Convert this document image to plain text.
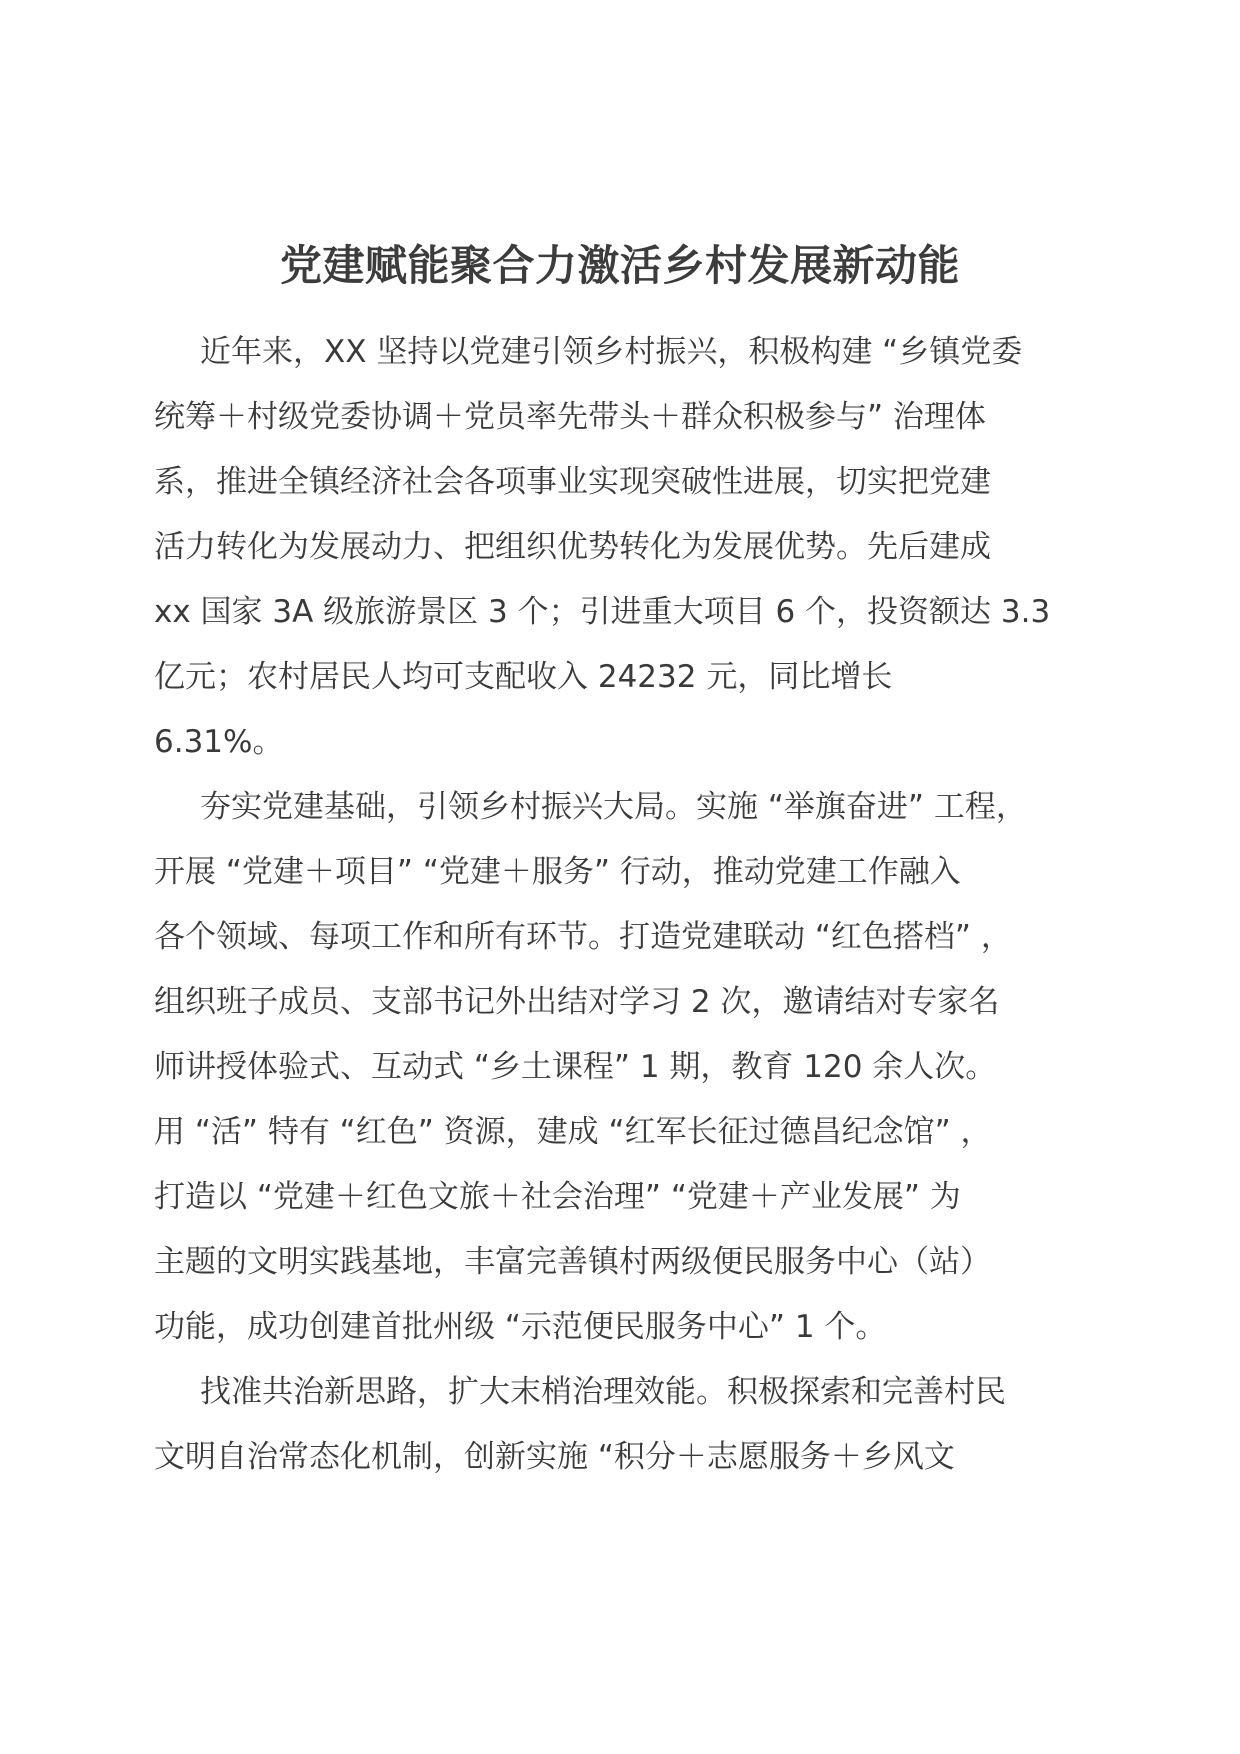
党建赋能聚合力激活乡村发展新动能
近年来，XX 坚持以党建引领乡村振兴，积极构建 “乡镇党委
统筹＋村级党委协调＋党员率先带头＋群众积极参与” 治理体
系，推进全镇经济社会各项事业实现突破性进展，切实把党建
活力转化为发展动力、把组织优势转化为发展优势。先后建成
xx 国家 3A 级旅游景区 3 个；引进重大项目 6 个，投资额达 3.3
亿元；农村居民人均可支配收入 24232 元，同比增长
6.31%。
夯实党建基础，引领乡村振兴大局。实施 “举旗奋进” 工程，
开展 “党建＋项目” “党建＋服务” 行动，推动党建工作融入
各个领域、每项工作和所有环节。打造党建联动 “红色搭档” ，
组织班子成员、支部书记外出结对学习 2 次，邀请结对专家名
师讲授体验式、互动式 “乡土课程” 1 期，教育 120 余人次。
用 “活” 特有 “红色” 资源，建成 “红军长征过德昌纪念馆” ，
打造以 “党建＋红色文旅＋社会治理” “党建＋产业发展” 为
主题的文明实践基地，丰富完善镇村两级便民服务中心（站）
功能，成功创建首批州级 “示范便民服务中心” 1 个。
找准共治新思路，扩大末梢治理效能。积极探索和完善村民
文明自治常态化机制，创新实施 “积分＋志愿服务＋乡风文
